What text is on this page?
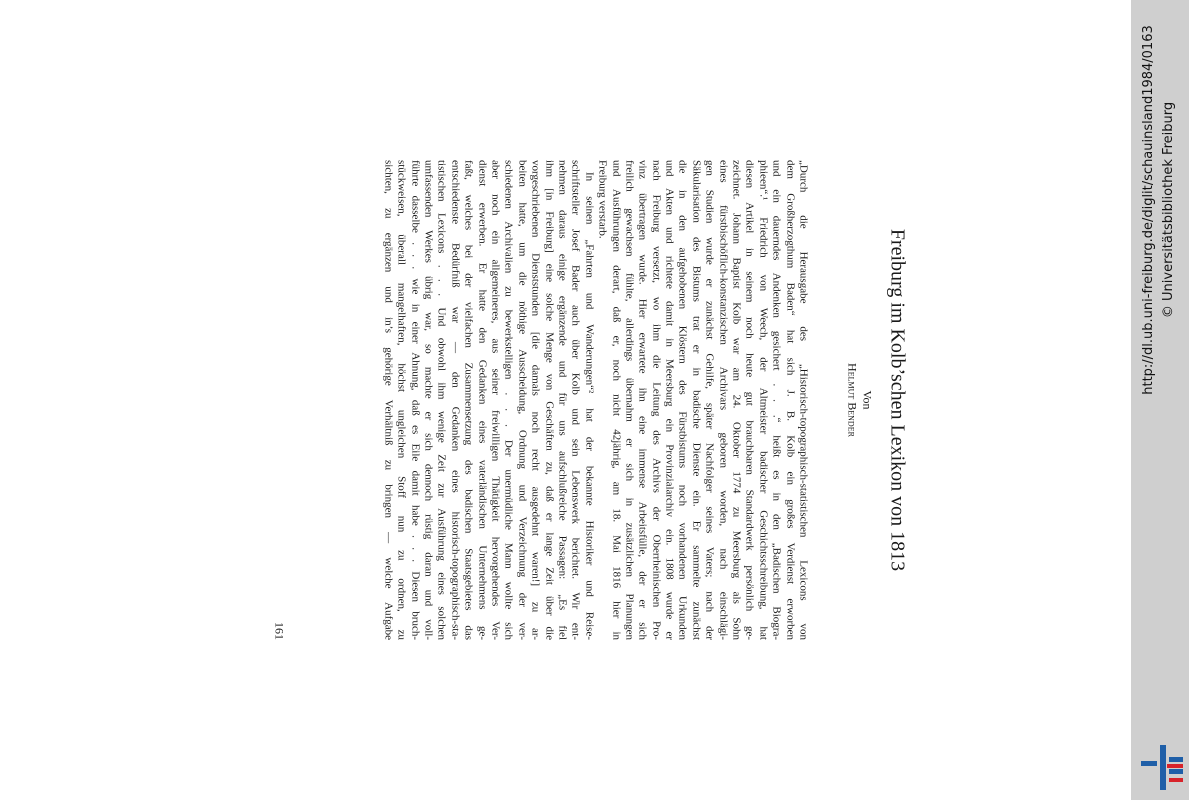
Freiburg im Kolb’schen Lexikon von 1813
Von
Helmut Bender

„Durch die Herausgabe des „Historisch-topographisch-statistischen Lexicons von
dem Großherzogthum Baden“ hat sich J. B. Kolb ein großes Verdienst erworben
und ein dauerndes Andenken gesichert . . .“ heißt es in den „Badischen Biogra-
phieen“.¹ Friedrich von Weech, der Altmeister badischer Geschichtsschreibung, hat
diesen Artikel in seinem noch heute gut brauchbaren Standardwerk persönlich ge-
zeichnet. Johann Baptist Kolb war am 24. Oktober 1774 zu Meersburg als Sohn
eines fürstbischöflich-konstanzischen Archivars geboren worden, nach einschlägi-
gen Studien wurde er zunächst Gehilfe, später Nachfolger seines Vaters; nach der
Säkularisation des Bistums trat er in badische Dienste ein. Er sammelte zunächst
die in den aufgehobenen Klöstern des Fürstbistums noch vorhandenen Urkunden
und Akten und richtete damit in Meersburg ein Provinzialarchiv ein. 1808 wurde er
nach Freiburg versetzt, wo ihm die Leitung des Archivs der Oberrheinischen Pro-
vinz übertragen wurde. Hier erwartete ihn eine immense Arbeitsfülle, der er sich
freilich gewachsen fühlte, allerdings übernahm er sich in zusätzlichen Planungen
und Ausführungen derart, daß er, noch nicht 42jährig, am 18. Mai 1816 hier in
Freiburg verstarb.

In seinen „Fahrten und Wanderungen“² hat der bekannte Historiker und Reise-
schriftsteller Josef Bader auch über Kolb und sein Lebenswerk berichtet. Wir ent-
nehmen daraus einige ergänzende und für uns aufschlußreiche Passagen: „Es fiel
ihm [in Freiburg] eine solche Menge von Geschäften zu, daß er lange Zeit über die
vorgeschriebenen Dienststunden [die damals noch recht ausgedehnt waren!] zu ar-
beiten hatte, um die nöthige Ausscheidung, Ordnung und Verzeichnung der ver-
schiedenen Archivalien zu bewerkstelligen . . . Der unermüdliche Mann wollte sich
aber noch ein allgemeineres, aus seiner freiwilligen Thätigkeit hervorgehendes Ver-
dienst erwerben. Er hatte den Gedanken eines vaterländischen Unternehmens ge-
faßt, welches bei der vielfachen Zusammensetzung des badischen Staatsgebietes das
entschiedenste Bedürfniß war — den Gedanken eines historisch-topographisch-sta-
tistischen Lexicons . . . Und obwohl ihm wenige Zeit zur Ausführung eines solchen
umfassenden Werkes übrig war, so machte er sich dennoch rüstig daran und voll-
führte dasselbe . . . wie in einer Ahnung, daß es Eile damit habe . . . Diesen bruch-
stückweisen, überall mangelhaften, höchst ungleichen Stoff nun zu ordnen, zu
sichten, zu ergänzen und in’s gehörige Verhältniß zu bringen — welche Aufgabe

161
http://dl.ub.uni-freiburg.de/diglit/schauinsland1984/0163 © Universitätsbibliothek Freiburg
